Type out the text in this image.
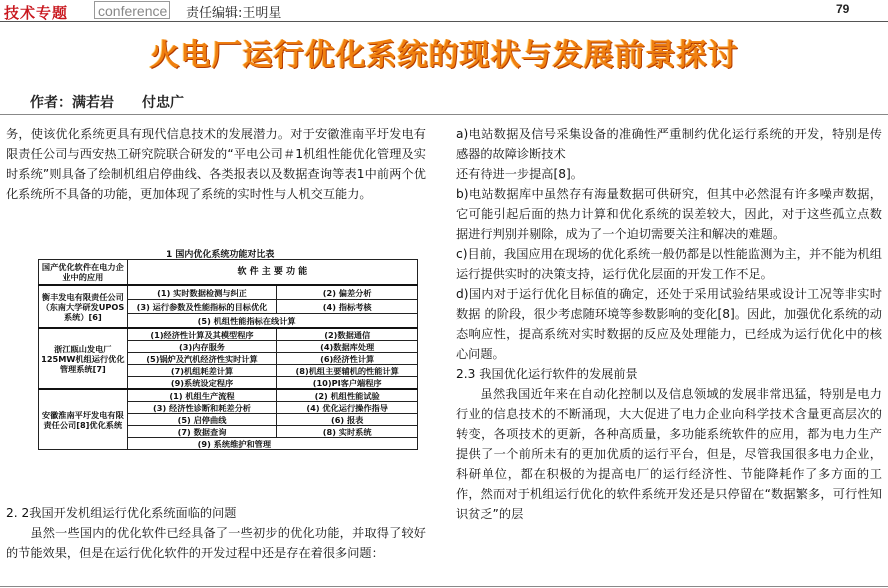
技术专题 conference 责任编辑:王明星	79
火电厂运行优化系统的现状与发展前景探讨
作者：满若岩　　付忠广

务，使该优化系统更具有现代信息技术的发展潜力。对于安徽淮南平圩发电有限责任公司与西安热工研究院联合研发的“平电公司＃1机组性能优化管理及实时系统”则具备了绘制机组启停曲线、各类报表以及数据查询等表1中前两个优化系统所不具备的功能，更加体现了系统的实时性与人机交互能力。

1 国内优化系统功能对比表
国产优化软件在电力企业中的应用	软 件 主 要 功 能	
衡丰发电有限责任公司（东南大学研发UPOS系统）[6]	(1) 实时数据检测与纠正	(2) 偏差分析
	(3) 运行参数及性能指标的目标优化	(4) 指标考核
	(5) 机组性能指标在线计算	
浙江瓯山发电厂125MW机组运行优化管理系统[7]	(1)经济性计算及其模型程序	(2)数据通信
	(3)内存服务	(4)数据库处理
	(5)锅炉及汽机经济性实时计算	(6)经济性计算
	(7)机组耗差计算	(8)机组主要辅机的性能计算
	(9)系统设定程序	(10)PI客户端程序
安徽淮南平圩发电有限责任公司[8]优化系统	(1) 机组生产流程	(2) 机组性能试验
	(3) 经济性诊断和耗差分析	(4) 优化运行操作指导
	(5) 启停曲线	(6) 报表
	(7) 数据查询	(8) 实时系统
	(9) 系统维护和管理	

2. 2我国开发机组运行优化系统面临的问题

虽然一些国内的优化软件已经具备了一些初步的优化功能，并取得了较好的节能效果，但是在运行优化软件的开发过程中还是存在着很多问题：

a)电站数据及信号采集设备的准确性严重制约优化运行系统的开发，特别是传感器的故障诊断技术

还有待进一步提高[8]。

b)电站数据库中虽然存有海量数据可供研究，但其中必然混有许多噪声数据，它可能引起后面的热力计算和优化系统的误差较大，因此，对于这些孤立点数据进行判别并剔除，成为了一个迫切需要关注和解决的难题。

c)目前，我国应用在现场的优化系统一般仍都是以性能监测为主，并不能为机组运行提供实时的决策支持，运行优化层面的开发工作不足。

d)国内对于运行优化目标值的确定，还处于采用试验结果或设计工况等非实时数据 的阶段，很少考虑随环境等参数影响的变化[8]。因此，加强优化系统的动态响应性，提高系统对实时数据的反应及处理能力，已经成为运行优化中的核心问题。

2.3 我国优化运行软件的发展前景

虽然我国近年来在自动化控制以及信息领域的发展非常迅猛，特别是电力行业的信息技术的不断涌现，大大促进了电力企业向科学技术含量更高层次的转变，各项技术的更新，各种高质量，多功能系统软件的应用，都为电力生产提供了一个前所未有的更加优质的运行平台，但是，尽管我国很多电力企业，科研单位，都在积极的为提高电厂的运行经济性、节能降耗作了多方面的工作，然而对于机组运行优化的软件系统开发还是只停留在“数据繁多，可行性知识贫乏”的层
